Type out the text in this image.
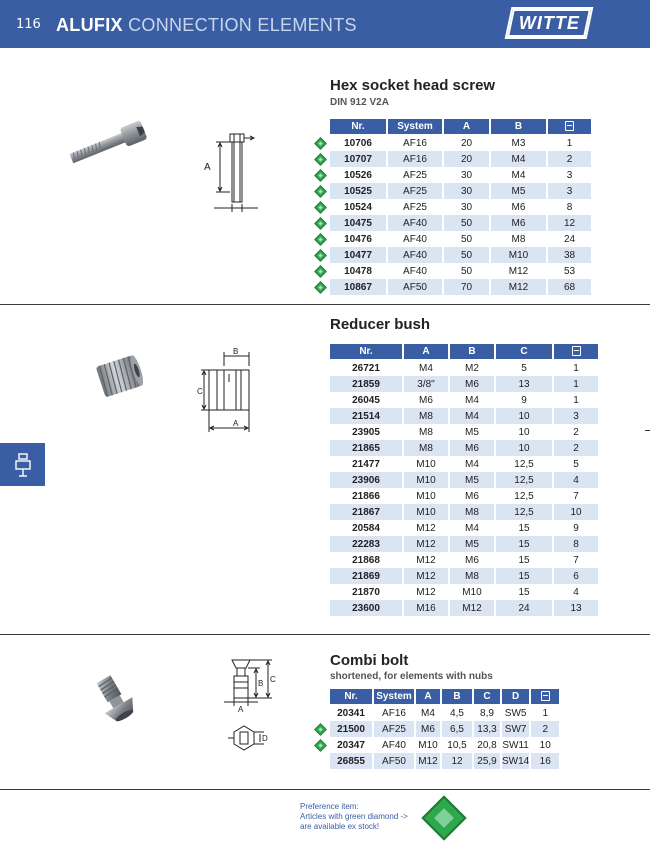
116 ALUFIX CONNECTION ELEMENTS	WITTE
A
Hex socket head screw
DIN 912 V2A
Nr.	System	A	B	
10706	AF16	20	M3	1
10707	AF16	20	M4	2
10526	AF25	30	M4	3
10525	AF25	30	M5	3
10524	AF25	30	M6	8
10475	AF40	50	M6	12
10476	AF40	50	M8	24
10477	AF40	50	M10	38
10478	AF40	50	M12	53
10867	AF50	70	M12	68
B
C
A
Reducer bush
Nr.	A	B	C	
26721	M4	M2	5	1
21859	3/8"	M6	13	1
26045	M6	M4	9	1
21514	M8	M4	10	3
23905	M8	M5	10	2
21865	M8	M6	10	2
21477	M10	M4	12,5	5
23906	M10	M5	12,5	4
21866	M10	M6	12,5	7
21867	M10	M8	12,5	10
20584	M12	M4	15	9
22283	M12	M5	15	8
21868	M12	M6	15	7
21869	M12	M8	15	6
21870	M12	M10	15	4
23600	M16	M12	24	13
C
B
A
D
Combi bolt
shortened, for elements with nubs
Nr.	System	A	B	C	D	
20341	AF16	M4	4,5	8,9	SW5	1
21500	AF25	M6	6,5	13,3	SW7	2
20347	AF40	M10	10,5	20,8	SW11	10
26855	AF50	M12	12	25,9	SW14	16
Preference item:
Articles with green diamond ->
are available ex stock!
